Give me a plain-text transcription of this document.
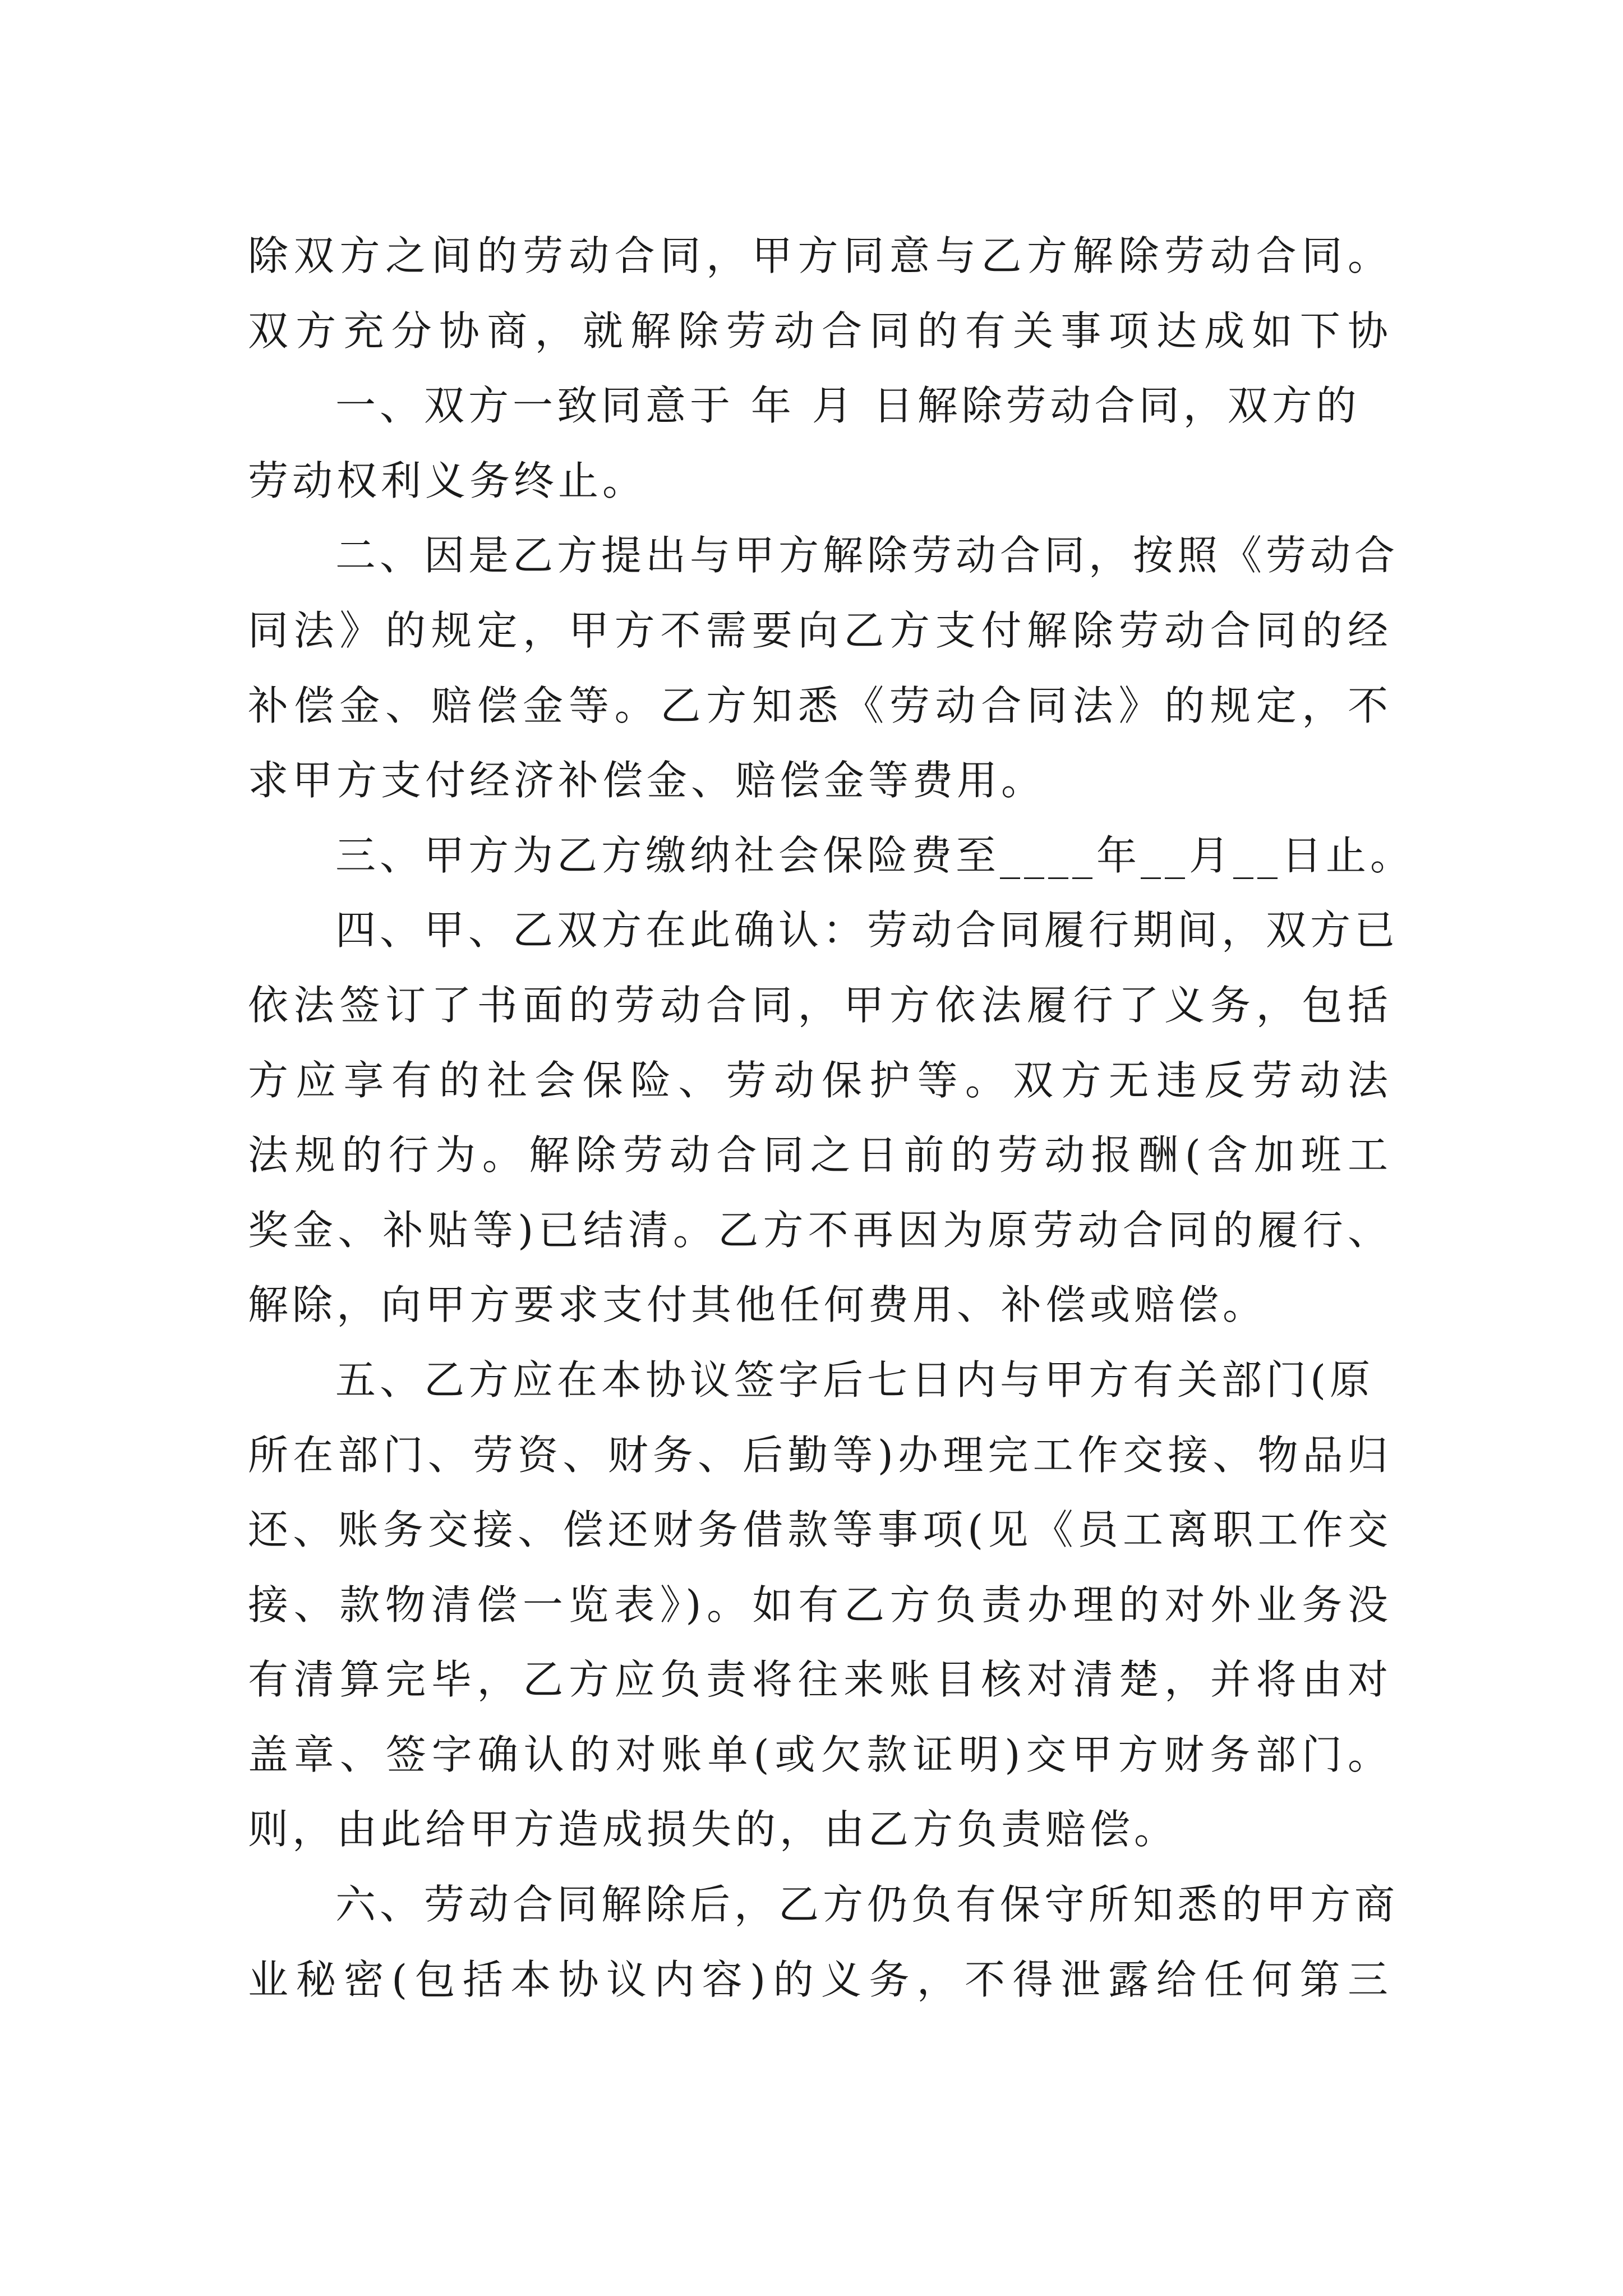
除双方之间的劳动合同，甲方同意与乙方解除劳动合同。
双方充分协商，就解除劳动合同的有关事项达成如下协
一、双方一致同意于 年 月 日解除劳动合同，双方的
劳动权利义务终止。
二、因是乙方提出与甲方解除劳动合同，按照《劳动合
同法》的规定，甲方不需要向乙方支付解除劳动合同的经
补偿金、赔偿金等。乙方知悉《劳动合同法》的规定，不
求甲方支付经济补偿金、赔偿金等费用。
三、甲方为乙方缴纳社会保险费至____年__月__日止。
四、甲、乙双方在此确认：劳动合同履行期间，双方已
依法签订了书面的劳动合同，甲方依法履行了义务，包括
方应享有的社会保险、劳动保护等。双方无违反劳动法
法规的行为。解除劳动合同之日前的劳动报酬(含加班工
奖金、补贴等)已结清。乙方不再因为原劳动合同的履行、
解除，向甲方要求支付其他任何费用、补偿或赔偿。
五、乙方应在本协议签字后七日内与甲方有关部门(原
所在部门、劳资、财务、后勤等)办理完工作交接、物品归
还、账务交接、偿还财务借款等事项(见《员工离职工作交
接、款物清偿一览表》)。如有乙方负责办理的对外业务没
有清算完毕，乙方应负责将往来账目核对清楚，并将由对
盖章、签字确认的对账单(或欠款证明)交甲方财务部门。
则，由此给甲方造成损失的，由乙方负责赔偿。
六、劳动合同解除后，乙方仍负有保守所知悉的甲方商
业秘密(包括本协议内容)的义务，不得泄露给任何第三
